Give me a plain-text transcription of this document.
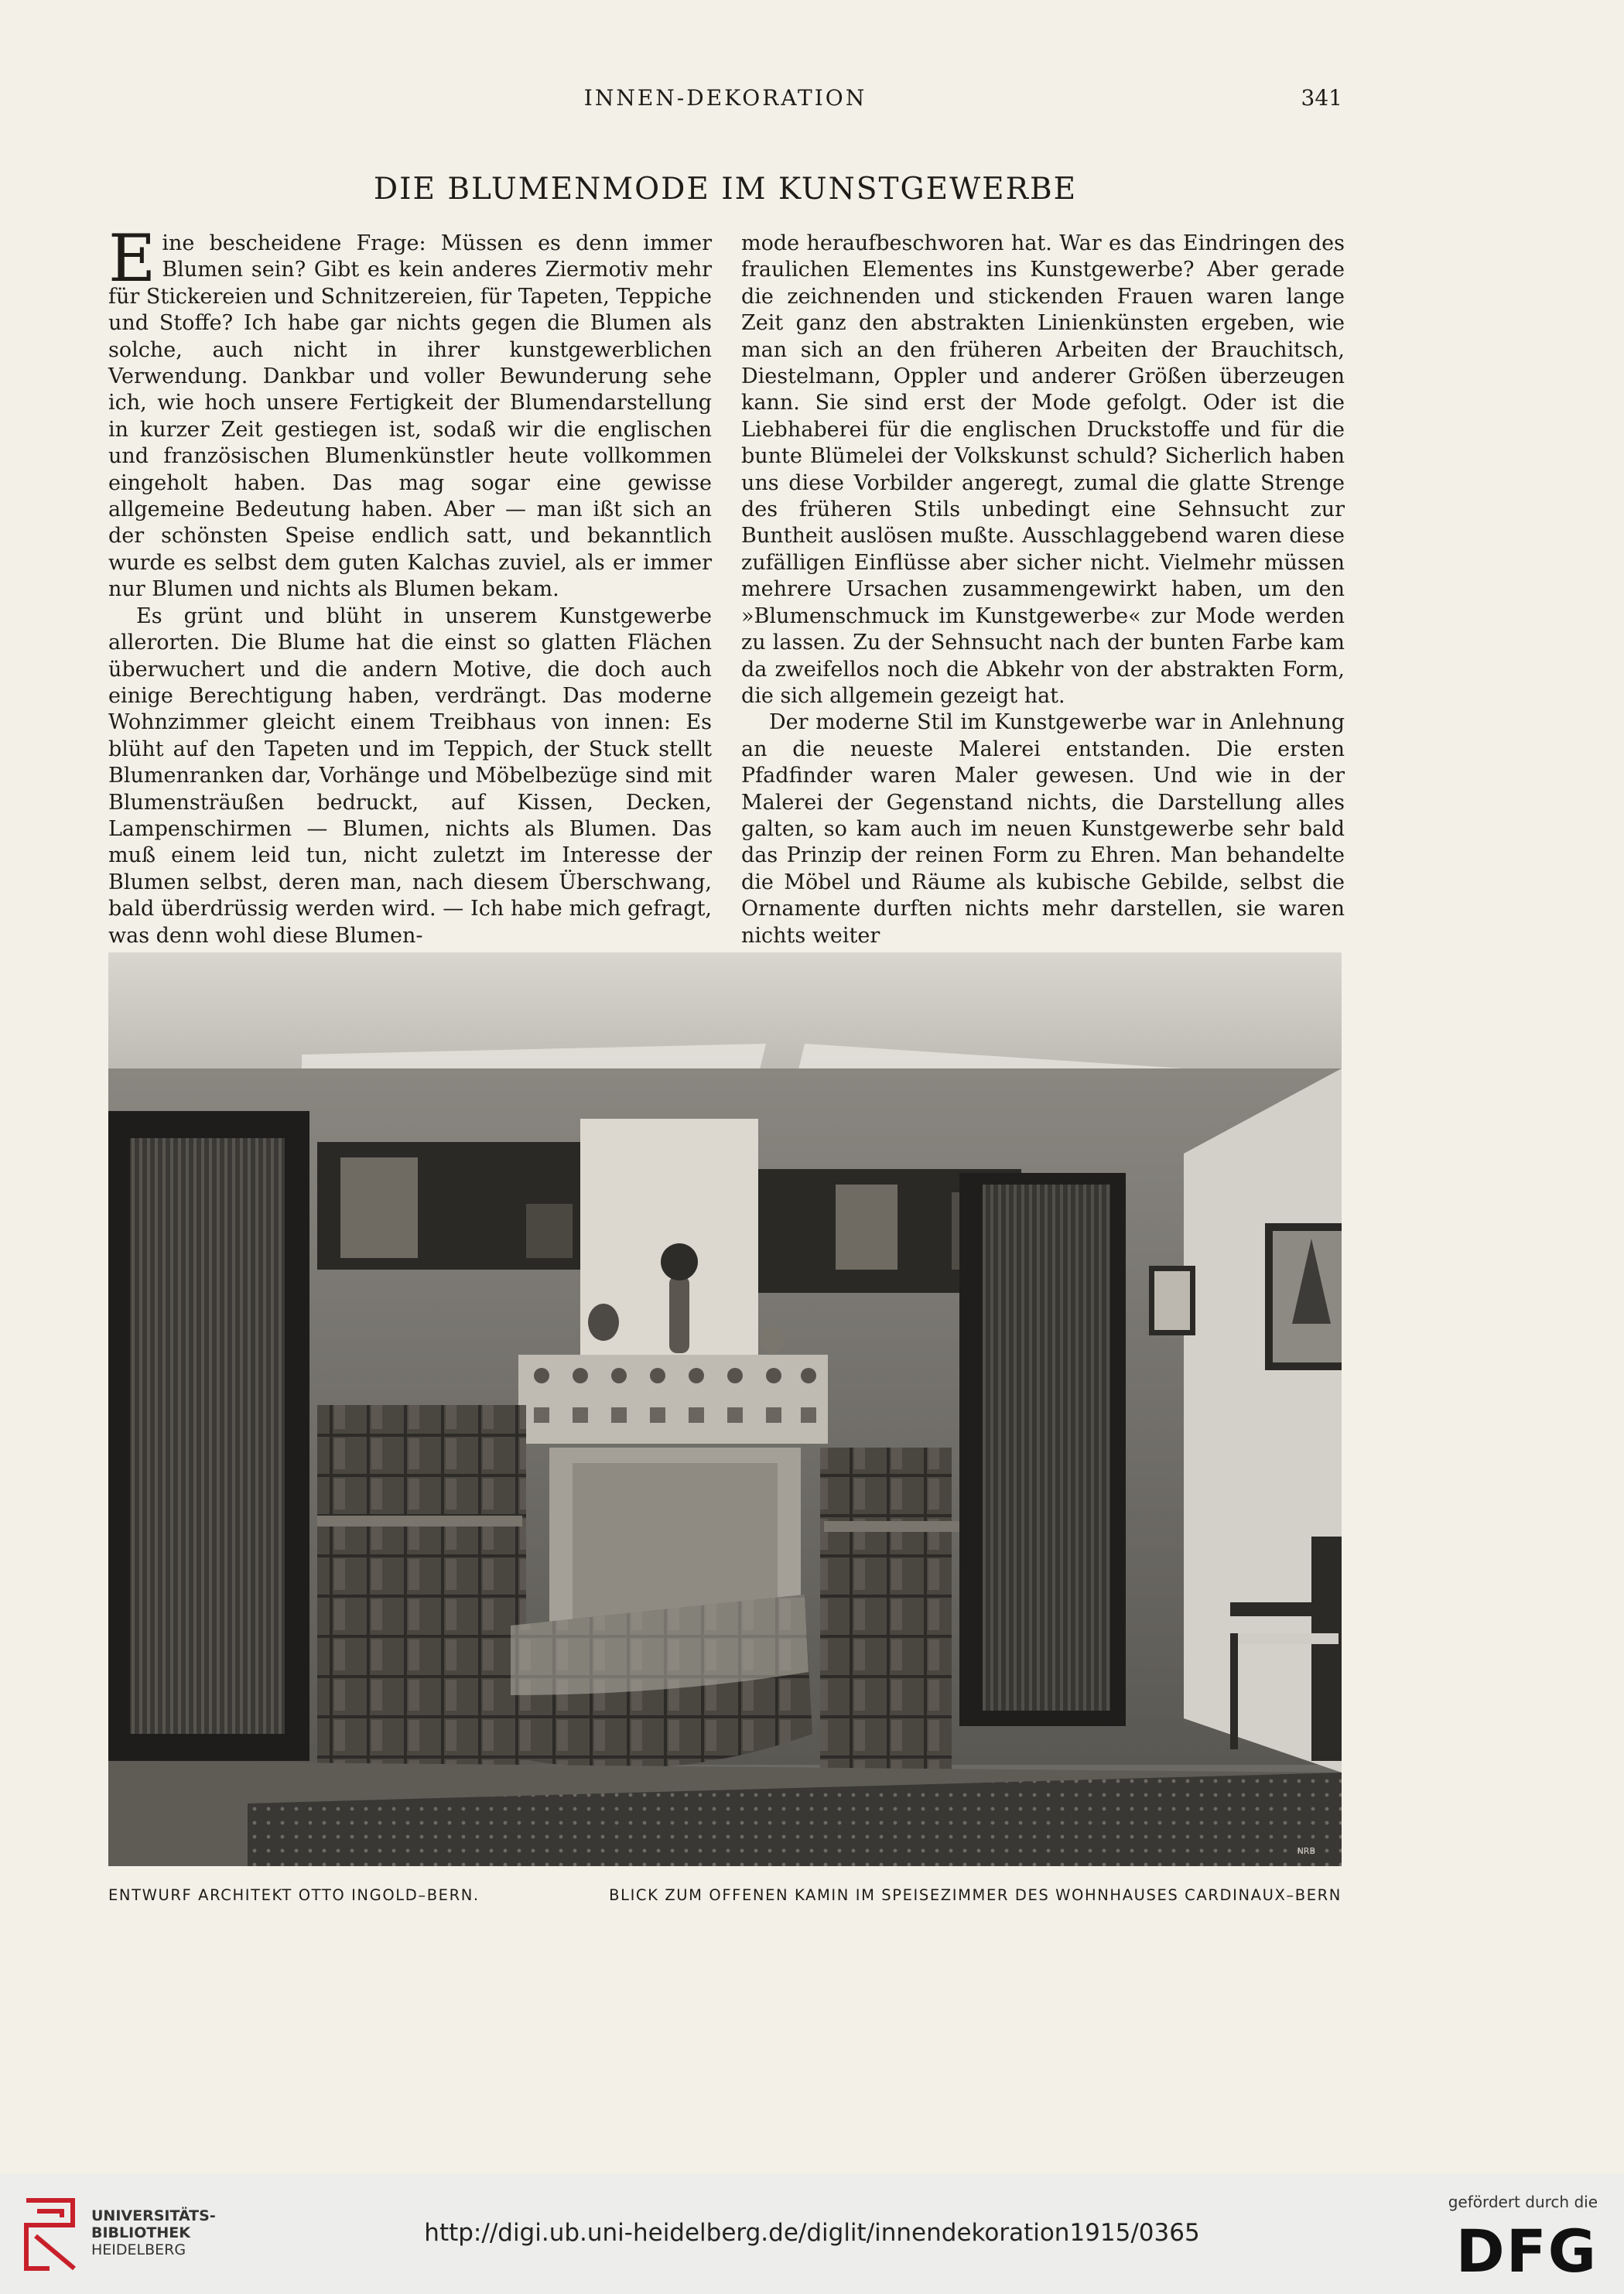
INNEN-DEKORATION	341
DIE BLUMENMODE IM KUNSTGEWERBE

Eine bescheidene Frage: Müssen es denn immer Blumen sein? Gibt es kein anderes Ziermotiv mehr für Stickereien und Schnitzereien, für Tapeten, Teppiche und Stoffe? Ich habe gar nichts gegen die Blumen als solche, auch nicht in ihrer kunstgewerblichen Verwendung. Dankbar und voller Bewunderung sehe ich, wie hoch unsere Fertigkeit der Blumendarstellung in kurzer Zeit gestiegen ist, sodaß wir die englischen und französischen Blumenkünstler heute vollkommen eingeholt haben. Das mag sogar eine gewisse allgemeine Bedeutung haben. Aber — man ißt sich an der schönsten Speise endlich satt, und bekanntlich wurde es selbst dem guten Kalchas zuviel, als er immer nur Blumen und nichts als Blumen bekam.

Es grünt und blüht in unserem Kunstgewerbe allerorten. Die Blume hat die einst so glatten Flächen überwuchert und die andern Motive, die doch auch einige Berechtigung haben, verdrängt. Das moderne Wohnzimmer gleicht einem Treibhaus von innen: Es blüht auf den Tapeten und im Teppich, der Stuck stellt Blumenranken dar, Vorhänge und Möbelbezüge sind mit Blumensträußen bedruckt, auf Kissen, Decken, Lampenschirmen — Blumen, nichts als Blumen. Das muß einem leid tun, nicht zuletzt im Interesse der Blumen selbst, deren man, nach diesem Überschwang, bald überdrüssig werden wird. — Ich habe mich gefragt, was denn wohl diese Blumen-

mode heraufbeschworen hat. War es das Eindringen des fraulichen Elementes ins Kunstgewerbe? Aber gerade die zeichnenden und stickenden Frauen waren lange Zeit ganz den abstrakten Linienkünsten ergeben, wie man sich an den früheren Arbeiten der Brauchitsch, Diestelmann, Oppler und anderer Größen überzeugen kann. Sie sind erst der Mode gefolgt. Oder ist die Liebhaberei für die englischen Druckstoffe und für die bunte Blümelei der Volkskunst schuld? Sicherlich haben uns diese Vorbilder angeregt, zumal die glatte Strenge des früheren Stils unbedingt eine Sehnsucht zur Buntheit auslösen mußte. Ausschlaggebend waren diese zufälligen Einflüsse aber sicher nicht. Vielmehr müssen mehrere Ursachen zusammengewirkt haben, um den »Blumenschmuck im Kunstgewerbe« zur Mode werden zu lassen. Zu der Sehnsucht nach der bunten Farbe kam da zweifellos noch die Abkehr von der abstrakten Form, die sich allgemein gezeigt hat.

Der moderne Stil im Kunstgewerbe war in Anlehnung an die neueste Malerei entstanden. Die ersten Pfadfinder waren Maler gewesen. Und wie in der Malerei der Gegenstand nichts, die Darstellung alles galten, so kam auch im neuen Kunstgewerbe sehr bald das Prinzip der reinen Form zu Ehren. Man behandelte die Möbel und Räume als kubische Gebilde, selbst die Ornamente durften nichts mehr darstellen, sie waren nichts weiter

NRB
ENTWURF ARCHITEKT OTTO INGOLD–BERN.	BLICK ZUM OFFENEN KAMIN IM SPEISEZIMMER DES WOHNHAUSES CARDINAUX–BERN
UNIVERSITÄTS-
BIBLIOTHEK
HEIDELBERG
http://digi.ub.uni-heidelberg.de/diglit/innendekoration1915/0365
gefördert durch die
DFG
